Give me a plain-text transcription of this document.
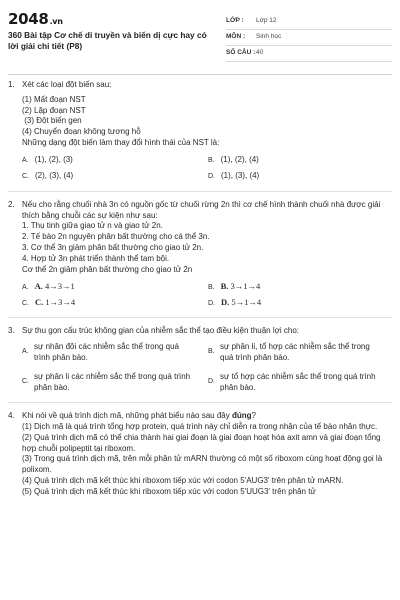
2048.vn
360 Bài tập Cơ chế di truyền và biến dị cực hay có lời giải chi tiết (P8)
LỚP : Lớp 12
MÔN : Sinh học
SỐ CÂU : 40
1. Xét các loại đột biến sau:
(1) Mất đoạn NST
(2) Lặp đoạn NST
(3) Đột biến gen
(4) Chuyển đoạn không tương hỗ
Những dạng đột biến làm thay đổi hình thái của NST là:
A. (1), (2), (3)	B. (1), (2), (4)
C. (2), (3), (4)	D. (1), (3), (4)
2. Nếu cho rằng chuối nhà 3n có nguồn gốc từ chuối rừng 2n thì cơ chế hình thành chuối nhà được giải thích bằng chuỗi các sự kiện như sau:
1. Thụ tinh giữa giao tử n và giao tử 2n.
2. Tế bào 2n nguyên phân bất thường cho cá thể 3n.
3. Cơ thể 3n giảm phân bất thường cho giao tử 2n.
4. Hợp tử 3n phát triển thành thể tam bội.
Cơ thể 2n giảm phân bất thường cho giao tử 2n
A. A. 4→3→1	B. B. 3→1→4
C. C. 1→3→4	D. D. 5→1→4
3. Sự thu gọn cấu trúc không gian của nhiễm sắc thể tạo điều kiện thuận lợi cho:
A.
sự nhân đôi các nhiễm sắc thể trong quá trình phân bào.
B.
sự phân li, tổ hợp các nhiễm sắc thể trong quá trình phân bào.
C.
sự phân li các nhiễm sắc thể trong quá trình phân bào.
D.
sự tổ hợp các nhiễm sắc thể trong quá trình phân bào.
4. Khi nói về quá trình dịch mã, những phát biểu nào sau đây đúng?
(1) Dịch mã là quá trình tổng hợp protein, quá trình này chỉ diễn ra trong nhân của tế bào nhân thực.
(2) Quá trình dịch mã có thể chia thành hai giai đoạn là giai đoạn hoạt hóa axit amn và giai đoạn tổng hợp chuỗi polipeptit tại riboxom.
(3) Trong quá trình dịch mã, trên mỗi phân tử mARN thường có một số riboxom cùng hoạt động gọi là polixom.
(4) Quá trình dịch mã kết thúc khi riboxom tiếp xúc với codon 5'AUG3' trên phân tử mARN.
(5) Quá trình dịch mã kết thúc khi riboxom tiếp xúc với codon 5'UUG3' trên phân tử
